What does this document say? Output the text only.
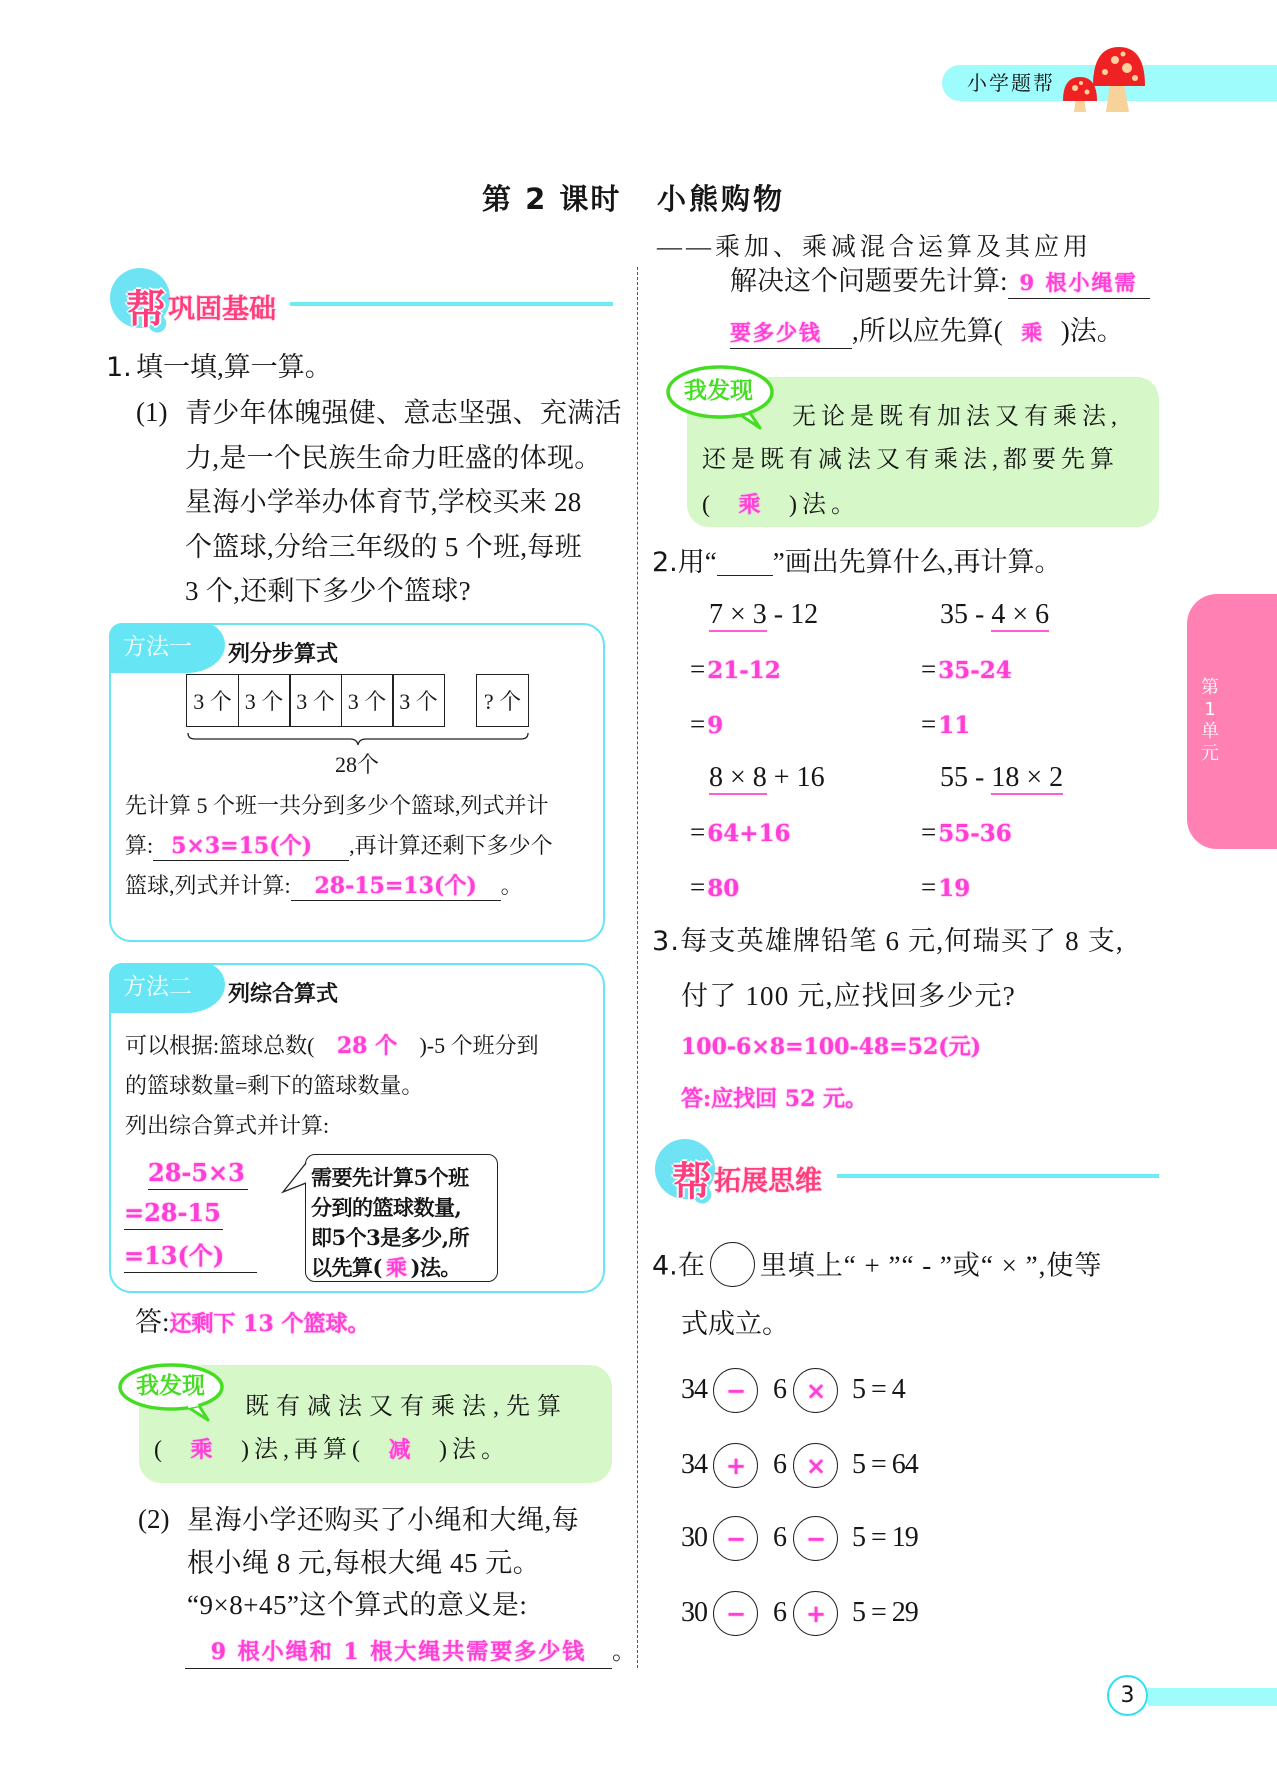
小学题帮
第 2 课时 小熊购物
——乘加、乘减混合运算及其应用
帮 巩固基础
1. 填一填,算一算。
(1) 青少年体魄强健、意志坚强、充满活
力,是一个民族生命力旺盛的体现。
星海小学举办体育节,学校买来 28
个篮球,分给三年级的 5 个班,每班
3 个,还剩下多少个篮球?
方法一 列分步算式
3 个 3 个 3 个 3 个 3 个	? 个
28个
先计算 5 个班一共分到多少个篮球,列式并计
算: 5×3=15(个) ,再计算还剩下多少个
篮球,列式并计算: 28-15=13(个) 。
方法二 列综合算式
可以根据:篮球总数( 28 个 )-5 个班分到
的篮球数量=剩下的篮球数量。
列出综合算式并计算:
28-5×3
=28-15
=13(个)
需要先计算5个班
分到的篮球数量,
即5个3是多少,所
以先算( 乘 )法。
答:还剩下 13 个篮球。
我发现
既有减法又有乘法,先算
( 乘 )法,再算( 减 )法。
(2) 星海小学还购买了小绳和大绳,每
根小绳 8 元,每根大绳 45 元。
“9×8+45”这个算式的意义是:
9 根小绳和 1 根大绳共需要多少钱 。
解决这个问题要先计算: 9 根小绳需
要多少钱 ,所以应先算( 乘 )法。
我发现
无论是既有加法又有乘法,
还是既有减法又有乘法,都要先算
( 乘 )法。
2.用“ ”画出先算什么,再计算。
7 × 3 - 12
=21-12
=9
35 - 4 × 6
=35-24
=11
8 × 8 + 16
=64+16
=80
55 - 18 × 2
=55-36
=19
3.每支英雄牌铅笔 6 元,何瑞买了 8 支,
付了 100 元,应找回多少元?
100-6×8=100-48=52(元)
答:应找回 52 元。
帮 拓展思维
4.在 里填上“ + ”“ - ”或“ × ”,使等
式成立。
34 − 6 × 5 = 4
34 + 6 × 5 = 64
30 − 6 − 5 = 19
30 − 6 + 5 = 29
第
1
单
元
3
